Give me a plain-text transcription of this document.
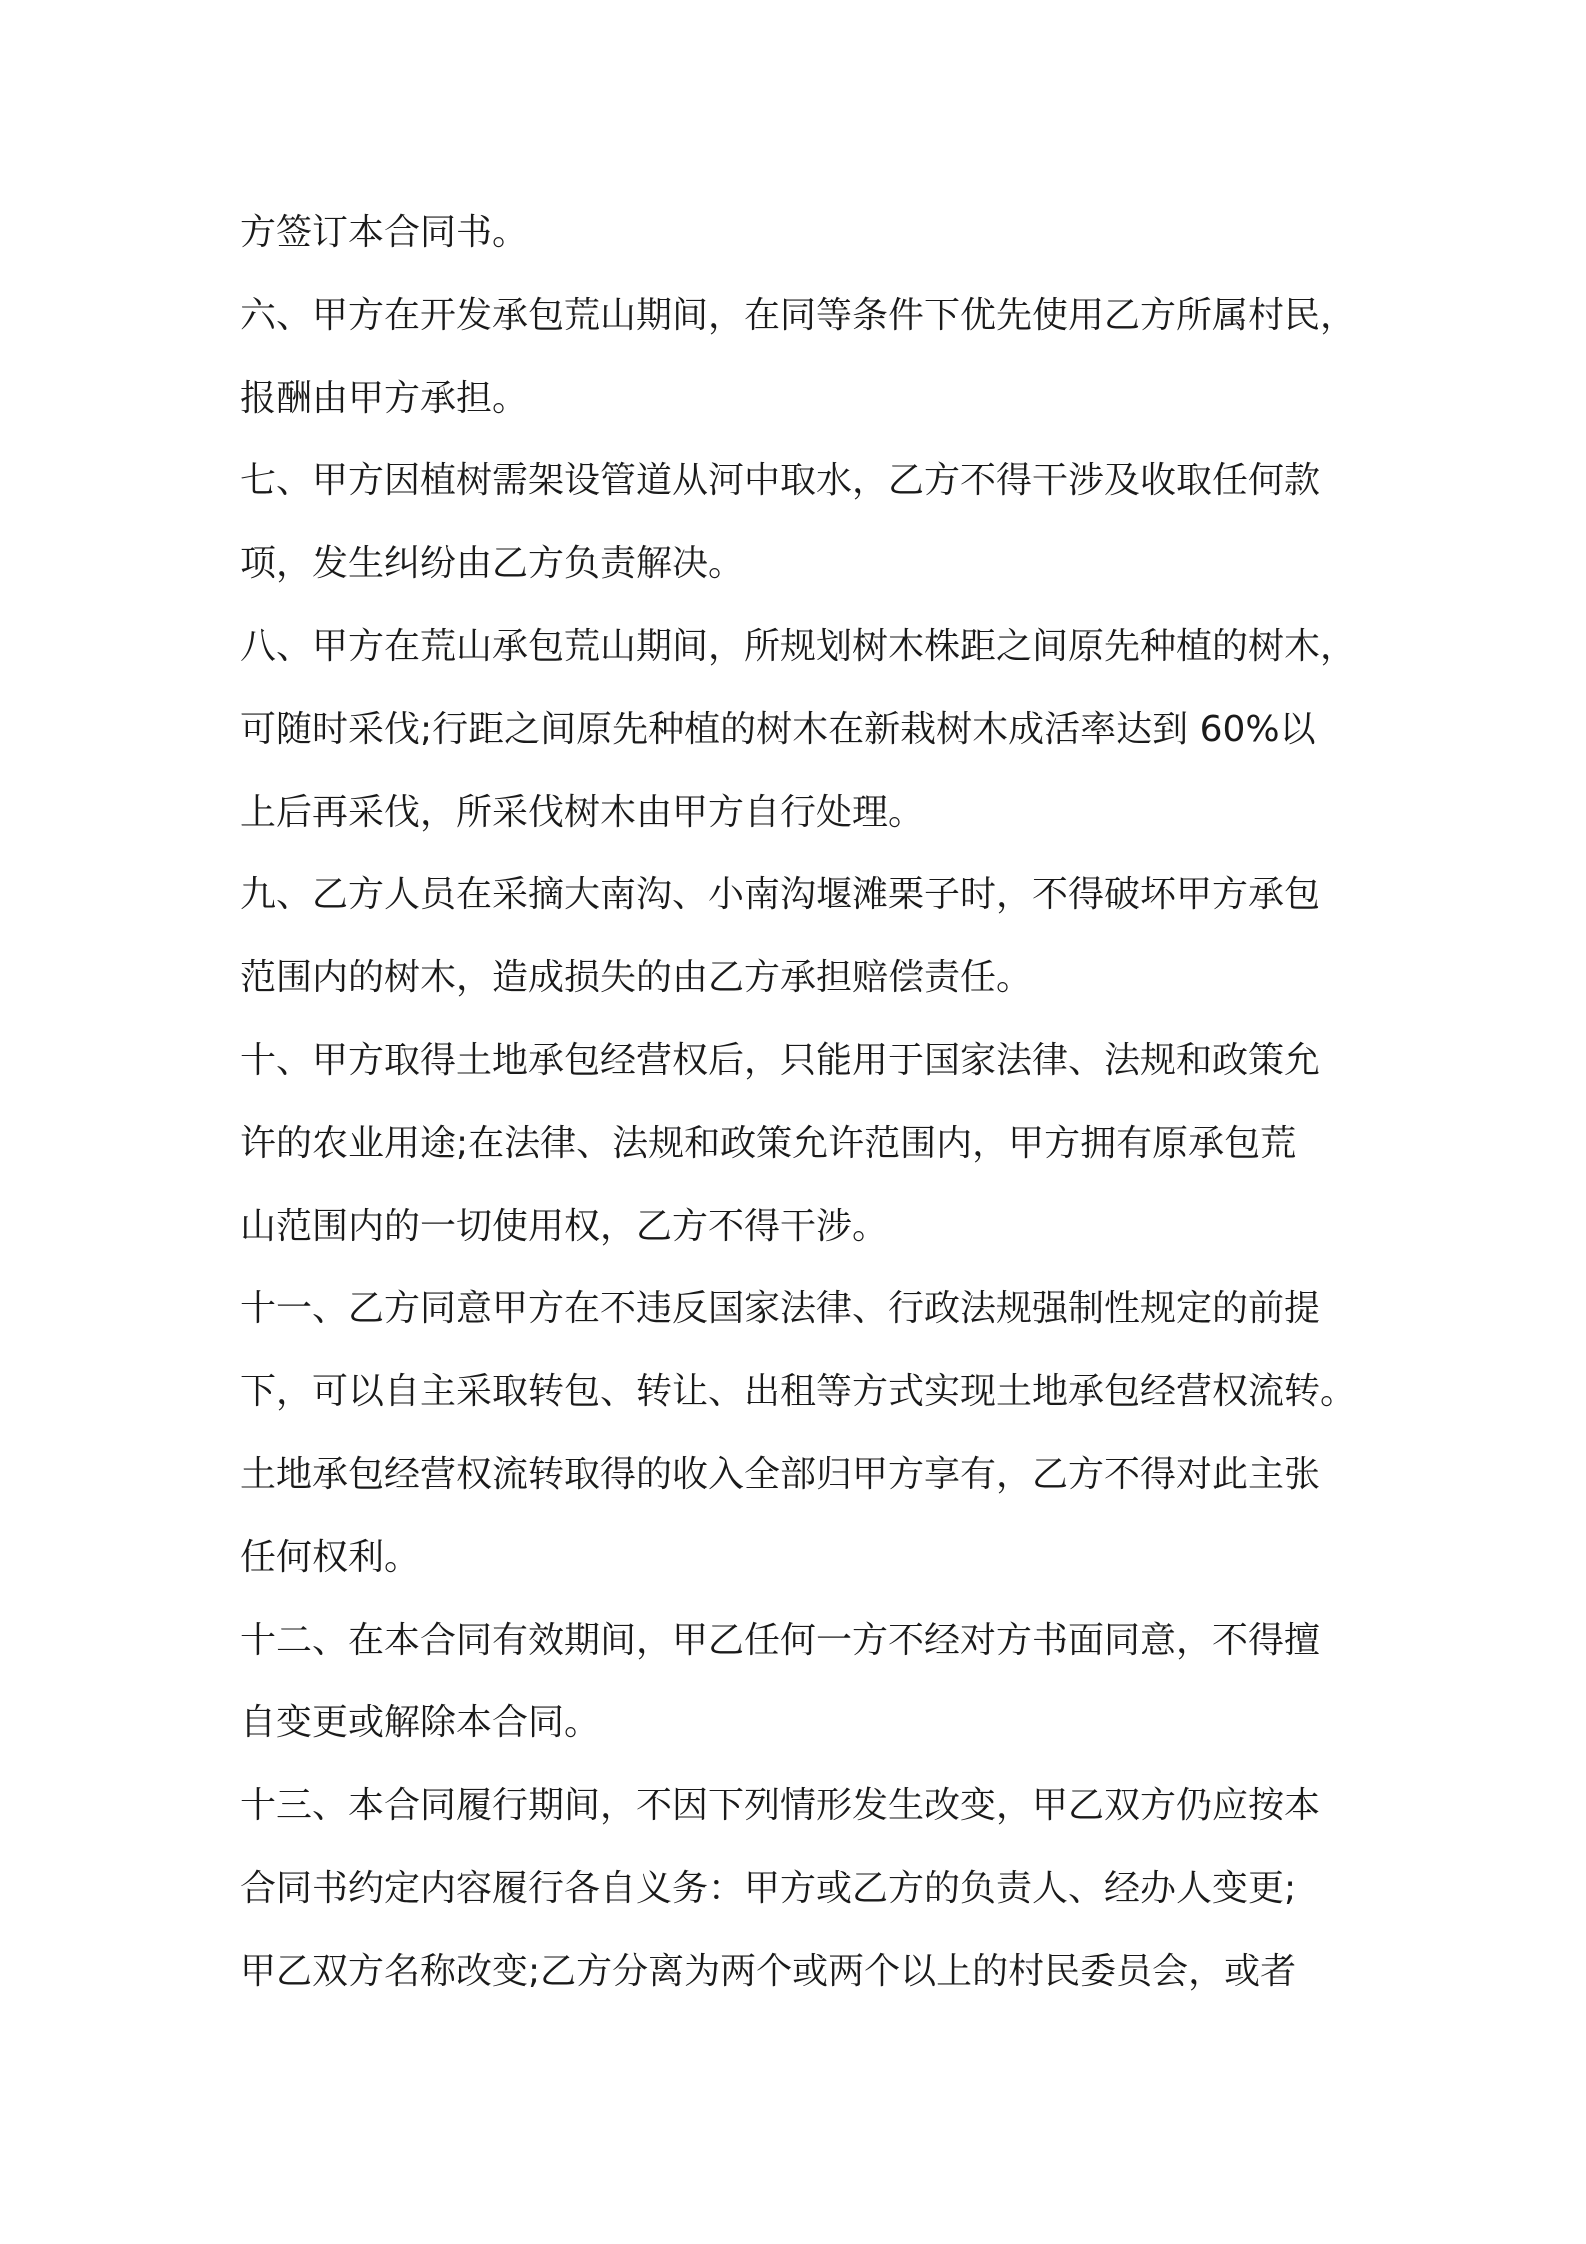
方签订本合同书。
六、甲方在开发承包荒山期间，在同等条件下优先使用乙方所属村民，
报酬由甲方承担。
七、甲方因植树需架设管道从河中取水，乙方不得干涉及收取任何款
项，发生纠纷由乙方负责解决。
八、甲方在荒山承包荒山期间，所规划树木株距之间原先种植的树木，
可随时采伐;行距之间原先种植的树木在新栽树木成活率达到 60%以
上后再采伐，所采伐树木由甲方自行处理。
九、乙方人员在采摘大南沟、小南沟堰滩栗子时，不得破坏甲方承包
范围内的树木，造成损失的由乙方承担赔偿责任。
十、甲方取得土地承包经营权后，只能用于国家法律、法规和政策允
许的农业用途;在法律、法规和政策允许范围内，甲方拥有原承包荒
山范围内的一切使用权，乙方不得干涉。
十一、乙方同意甲方在不违反国家法律、行政法规强制性规定的前提
下，可以自主采取转包、转让、出租等方式实现土地承包经营权流转。
土地承包经营权流转取得的收入全部归甲方享有，乙方不得对此主张
任何权利。
十二、在本合同有效期间，甲乙任何一方不经对方书面同意，不得擅
自变更或解除本合同。
十三、本合同履行期间，不因下列情形发生改变，甲乙双方仍应按本
合同书约定内容履行各自义务：甲方或乙方的负责人、经办人变更;
甲乙双方名称改变;乙方分离为两个或两个以上的村民委员会，或者
